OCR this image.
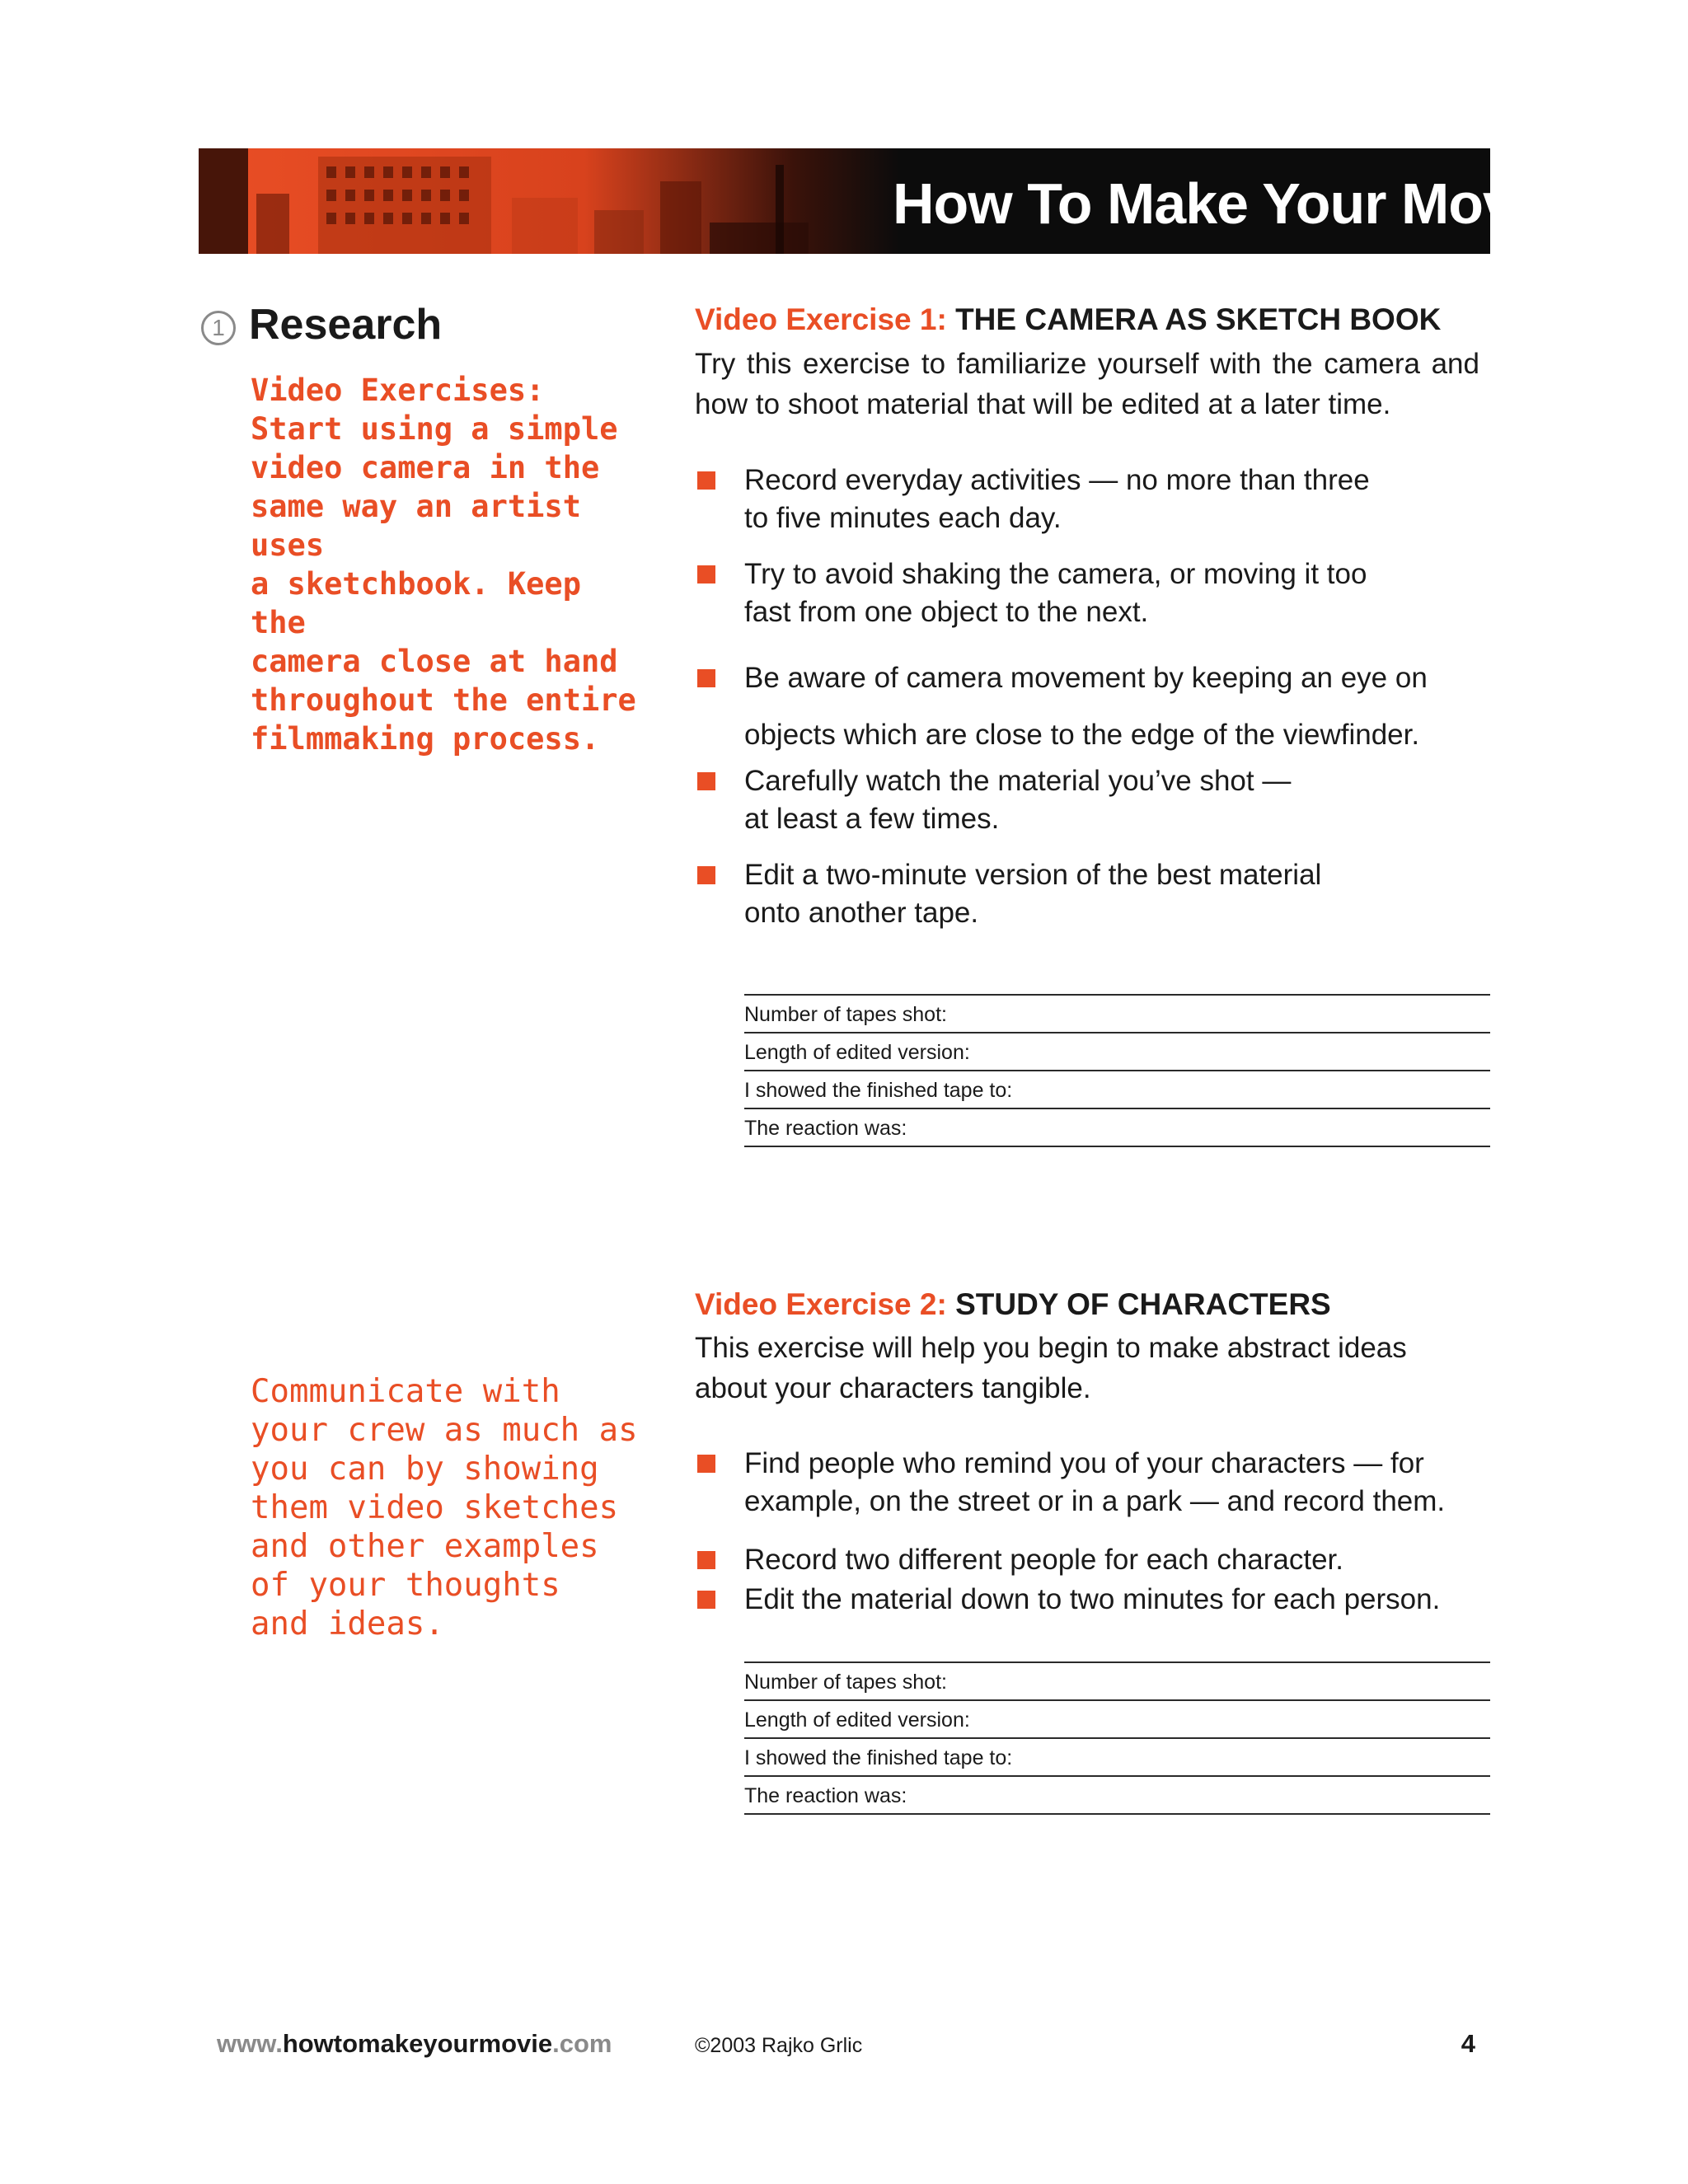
How To Make Your Movie
1 Research
Video Exercises:
Start using a simple
video camera in the
same way an artist uses
a sketchbook. Keep the
camera close at hand
throughout the entire
filmmaking process.
Communicate with
your crew as much as
you can by showing
them video sketches
and other examples
of your thoughts
and ideas.
Video Exercise 1: THE CAMERA AS SKETCH BOOK
Try this exercise to familiarize yourself with the camera and how to shoot material that will be edited at a later time.
Record everyday activities — no more than three
to five minutes each day.
Try to avoid shaking the camera, or moving it too
fast from one object to the next.
Be aware of camera movement by keeping an eye on
objects which are close to the edge of the viewfinder.
Carefully watch the material you’ve shot —
at least a few times.
Edit a two-minute version of the best material
onto another tape.
Number of tapes shot:
Length of edited version:
I showed the finished tape to:
The reaction was:
Video Exercise 2: STUDY OF CHARACTERS
This exercise will help you begin to make abstract ideas about your characters tangible.
Find people who remind you of your characters — for
example, on the street or in a park — and record them.
Record two different people for each character.
Edit the material down to two minutes for each person.
Number of tapes shot:
Length of edited version:
I showed the finished tape to:
The reaction was:
www.howtomakeyourmovie.com	©2003 Rajko Grlic	4
